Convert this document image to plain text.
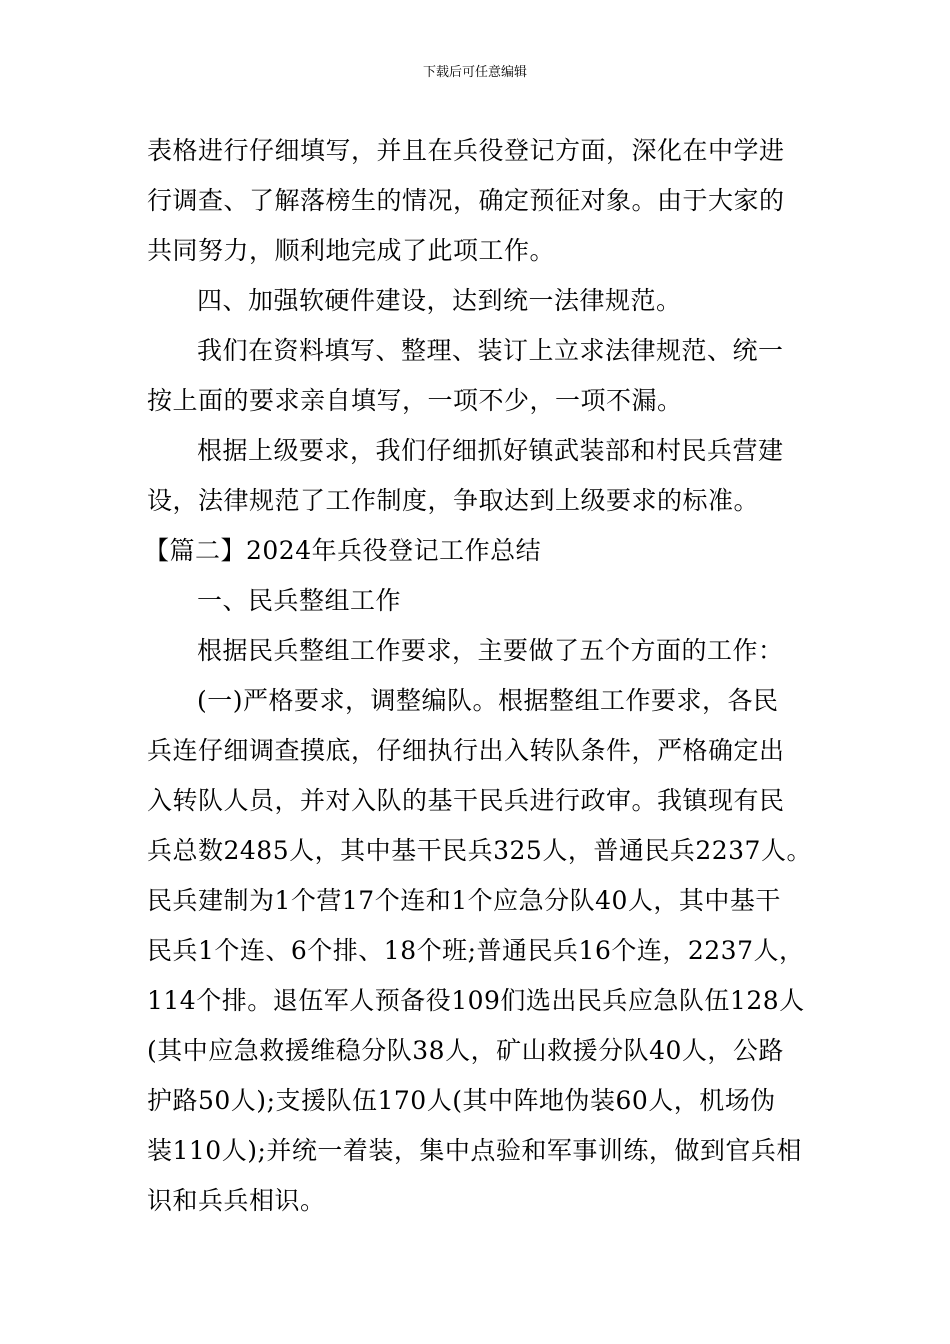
下载后可任意编辑
表格进行仔细填写，并且在兵役登记方面，深化在中学进
行调查、了解落榜生的情况，确定预征对象。由于大家的
共同努力，顺利地完成了此项工作。
四、加强软硬件建设，达到统一法律规范。
我们在资料填写、整理、装订上立求法律规范、统一
按上面的要求亲自填写，一项不少，一项不漏。
根据上级要求，我们仔细抓好镇武装部和村民兵营建
设，法律规范了工作制度，争取达到上级要求的标准。
【篇二】2024年兵役登记工作总结
一、民兵整组工作
根据民兵整组工作要求，主要做了五个方面的工作：
(一)严格要求，调整编队。根据整组工作要求，各民
兵连仔细调查摸底，仔细执行出入转队条件，严格确定出
入转队人员，并对入队的基干民兵进行政审。我镇现有民
兵总数2485人，其中基干民兵325人，普通民兵2237人。
民兵建制为1个营17个连和1个应急分队40人，其中基干
民兵1个连、6个排、18个班;普通民兵16个连，2237人，
114个排。退伍军人预备役109们选出民兵应急队伍128人
(其中应急救援维稳分队38人，矿山救援分队40人，公路
护路50人);支援队伍170人(其中阵地伪装60人，机场伪
装110人);并统一着装，集中点验和军事训练，做到官兵相
识和兵兵相识。
